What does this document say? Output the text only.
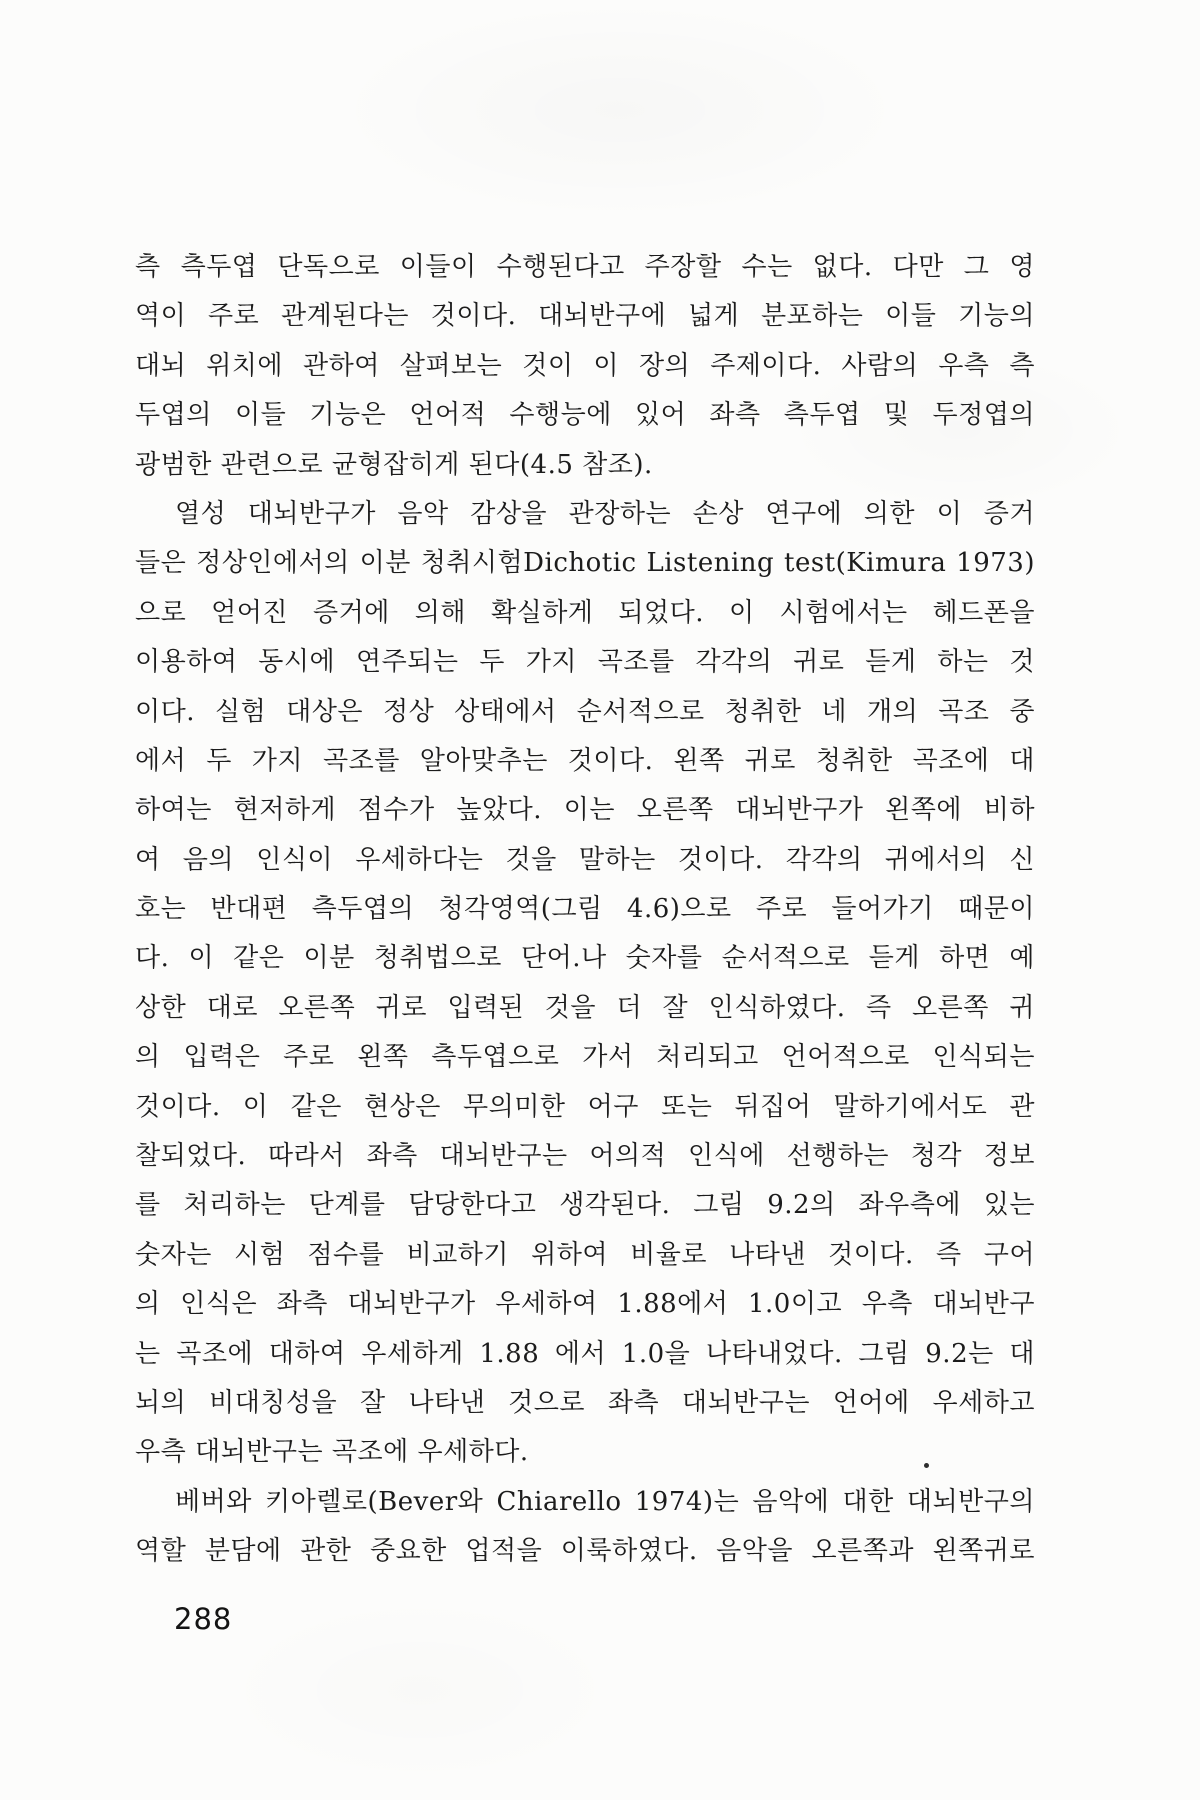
측 측두엽 단독으로 이들이 수행된다고 주장할 수는 없다. 다만 그 영
역이 주로 관계된다는 것이다. 대뇌반구에 넓게 분포하는 이들 기능의
대뇌 위치에 관하여 살펴보는 것이 이 장의 주제이다. 사람의 우측 측
두엽의 이들 기능은 언어적 수행능에 있어 좌측 측두엽 및 두정엽의
광범한 관련으로 균형잡히게 된다(4.5 참조).
열성 대뇌반구가 음악 감상을 관장하는 손상 연구에 의한 이 증거
들은 정상인에서의 이분 청취시험Dichotic Listening test(Kimura 1973)
으로 얻어진 증거에 의해 확실하게 되었다. 이 시험에서는 헤드폰을
이용하여 동시에 연주되는 두 가지 곡조를 각각의 귀로 듣게 하는 것
이다. 실험 대상은 정상 상태에서 순서적으로 청취한 네 개의 곡조 중
에서 두 가지 곡조를 알아맞추는 것이다. 왼쪽 귀로 청취한 곡조에 대
하여는 현저하게 점수가 높았다. 이는 오른쪽 대뇌반구가 왼쪽에 비하
여 음의 인식이 우세하다는 것을 말하는 것이다. 각각의 귀에서의 신
호는 반대편 측두엽의 청각영역(그림 4.6)으로 주로 들어가기 때문이
다. 이 같은 이분 청취법으로 단어.나 숫자를 순서적으로 듣게 하면 예
상한 대로 오른쪽 귀로 입력된 것을 더 잘 인식하였다. 즉 오른쪽 귀
의 입력은 주로 왼쪽 측두엽으로 가서 처리되고 언어적으로 인식되는
것이다. 이 같은 현상은 무의미한 어구 또는 뒤집어 말하기에서도 관
찰되었다. 따라서 좌측 대뇌반구는 어의적 인식에 선행하는 청각 정보
를 처리하는 단계를 담당한다고 생각된다. 그림 9.2의 좌우측에 있는
숫자는 시험 점수를 비교하기 위하여 비율로 나타낸 것이다. 즉 구어
의 인식은 좌측 대뇌반구가 우세하여 1.88에서 1.0이고 우측 대뇌반구
는 곡조에 대하여 우세하게 1.88 에서 1.0을 나타내었다. 그림 9.2는 대
뇌의 비대칭성을 잘 나타낸 것으로 좌측 대뇌반구는 언어에 우세하고
우측 대뇌반구는 곡조에 우세하다.
베버와 키아렐로(Bever와 Chiarello 1974)는 음악에 대한 대뇌반구의
역할 분담에 관한 중요한 업적을 이룩하였다. 음악을 오른쪽과 왼쪽귀로
288
